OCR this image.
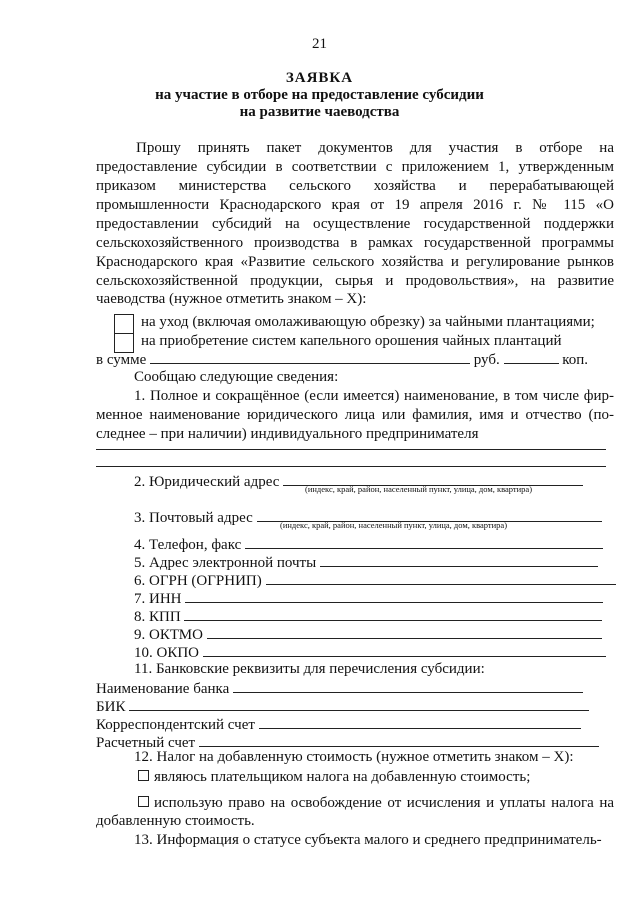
21
ЗАЯВКА
на участие в отборе на предоставление субсидии
на развитие чаеводства
Прошу принять пакет документов для участия в отборе на
предоставление субсидии в соответствии с приложением 1, утвержденным
приказом министерства сельского хозяйства и перерабатывающей
промышленности Краснодарского края от 19 апреля 2016 г. № 115 «О
предоставлении субсидий на осуществление государственной поддержки
сельскохозяйственного производства в рамках государственной программы
Краснодарского края «Развитие сельского хозяйства и регулирование рынков
сельскохозяйственной продукции, сырья и продовольствия», на развитие
чаеводства (нужное отметить знаком – Х):
на уход (включая омолаживающую обрезку) за чайными плантациями;
на приобретение систем капельного орошения чайных плантаций
в сумме	руб.	коп.
Сообщаю следующие сведения:
1. Полное и сокращённое (если имеется) наименование, в том числе фир-
менное наименование юридического лица или фамилия, имя и отчество (по-
следнее – при наличии) индивидуального предпринимателя
2. Юридический адрес	(индекс, край, район, населенный пункт, улица, дом, квартира)
3. Почтовый адрес	(индекс, край, район, населенный пункт, улица, дом, квартира)
4. Телефон, факс
5. Адрес электронной почты
6. ОГРН (ОГРНИП)
7. ИНН
8. КПП
9. ОКТМО
10. ОКПО
11. Банковские реквизиты для перечисления субсидии:
Наименование банка
БИК
Корреспондентский счет
Расчетный счет
12. Налог на добавленную стоимость (нужное отметить знаком – Х):
являюсь плательщиком налога на добавленную стоимость;
использую право на освобождение от исчисления и уплаты налога на
добавленную стоимость.
13. Информация о статусе субъекта малого и среднего предприниматель-
